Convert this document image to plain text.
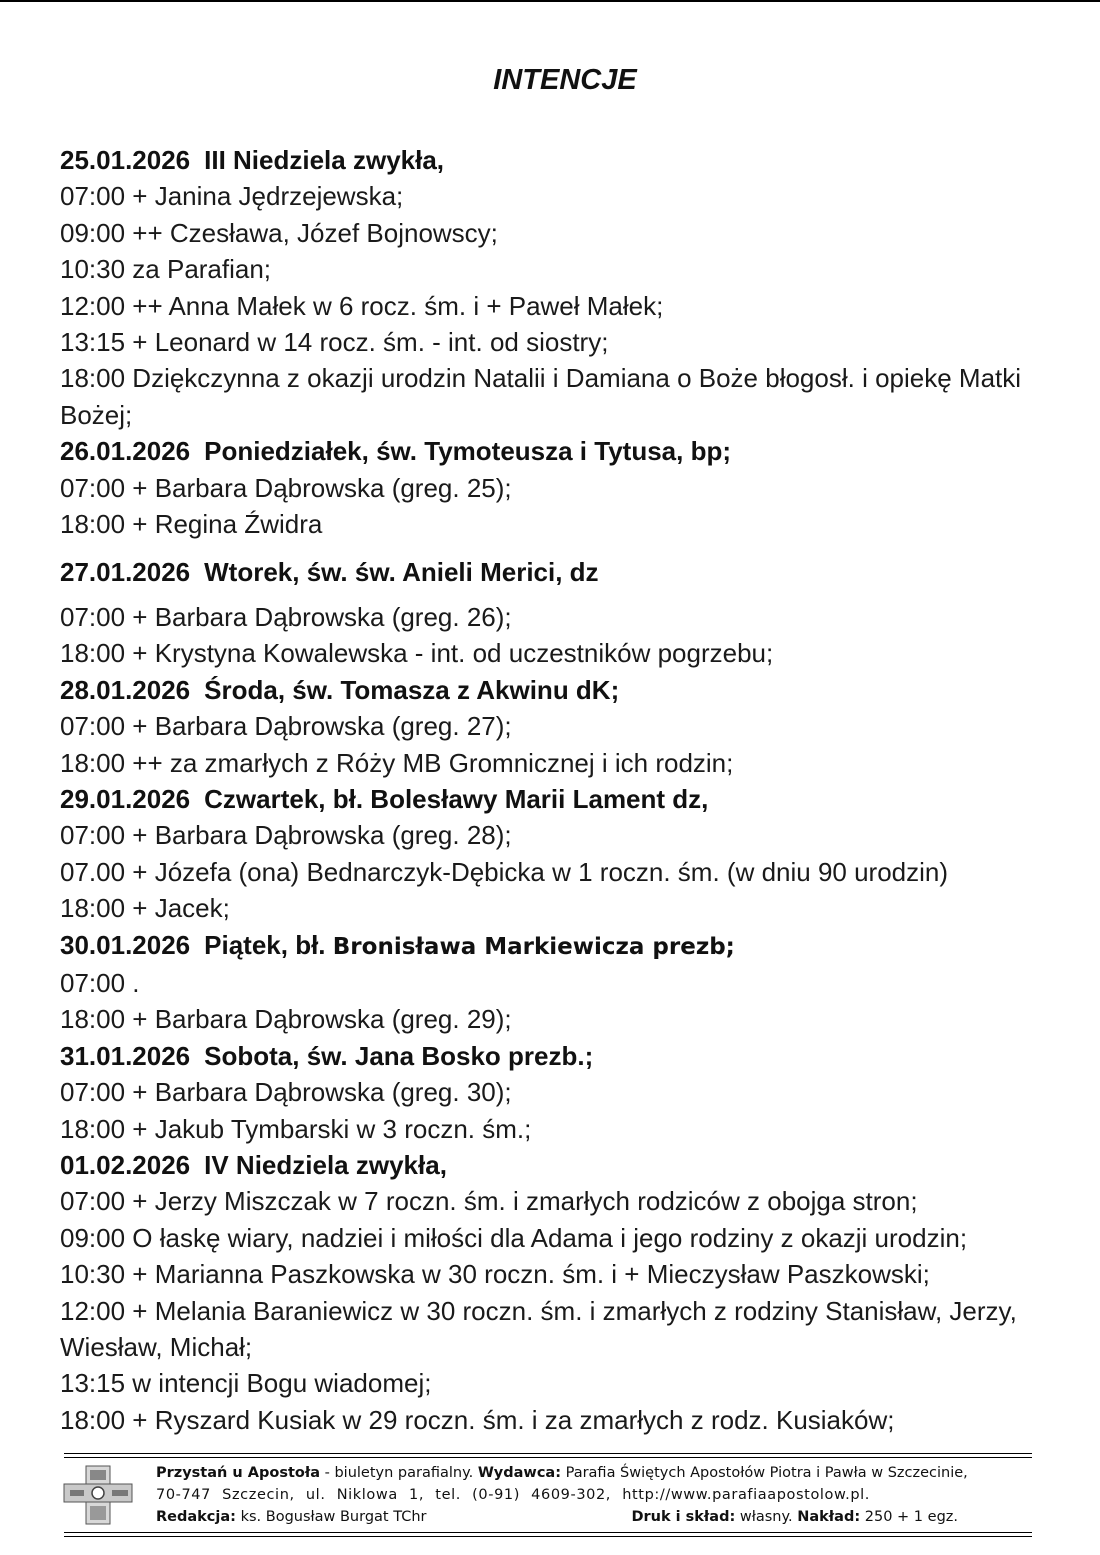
INTENCJE
25.01.2026 III Niedziela zwykła,
07:00 + Janina Jędrzejewska;
09:00 ++ Czesława, Józef Bojnowscy;
10:30 za Parafian;
12:00 ++ Anna Małek w 6 rocz. śm. i + Paweł Małek;
13:15 + Leonard w 14 rocz. śm. - int. od siostry;
18:00 Dziękczynna z okazji urodzin Natalii i Damiana o Boże błogosł. i opiekę Matki Bożej;
26.01.2026 Poniedziałek, św. Tymoteusza i Tytusa, bp;
07:00 + Barbara Dąbrowska (greg. 25);
18:00 + Regina Źwidra
27.01.2026 Wtorek, św. św. Anieli Merici, dz
07:00 + Barbara Dąbrowska (greg. 26);
18:00 + Krystyna Kowalewska - int. od uczestników pogrzebu;
28.01.2026 Środa, św. Tomasza z Akwinu dK;
07:00 + Barbara Dąbrowska (greg. 27);
18:00 ++ za zmarłych z Róży MB Gromnicznej i ich rodzin;
29.01.2026 Czwartek, bł. Bolesławy Marii Lament dz,
07:00 + Barbara Dąbrowska (greg. 28);
07.00 + Józefa (ona) Bednarczyk-Dębicka w 1 roczn. śm. (w dniu 90 urodzin)
18:00 + Jacek;
30.01.2026 Piątek, bł. Bronisława Markiewicza prezb;
07:00 .
18:00 + Barbara Dąbrowska (greg. 29);
31.01.2026 Sobota, św. Jana Bosko prezb.;
07:00 + Barbara Dąbrowska (greg. 30);
18:00 + Jakub Tymbarski w 3 roczn. śm.;
01.02.2026 IV Niedziela zwykła,
07:00 + Jerzy Miszczak w 7 roczn. śm. i zmarłych rodziców z obojga stron;
09:00 O łaskę wiary, nadziei i miłości dla Adama i jego rodziny z okazji urodzin;
10:30 + Marianna Paszkowska w 30 roczn. śm. i + Mieczysław Paszkowski;
12:00 + Melania Baraniewicz w 30 roczn. śm. i zmarłych z rodziny Stanisław, Jerzy, Wiesław, Michał;
13:15 w intencji Bogu wiadomej;
18:00 + Ryszard Kusiak w 29 roczn. śm. i za zmarłych z rodz. Kusiaków;
Przystań u Apostoła - biuletyn parafialny. Wydawca: Parafia Świętych Apostołów Piotra i Pawła w Szczecinie,
70-747 Szczecin, ul. Niklowa 1, tel. (0-91) 4609-302, http://www.parafiaapostolow.pl.
Redakcja: ks. Bogusław Burgat TChr	Druk i skład: własny. Nakład: 250 + 1 egz.
